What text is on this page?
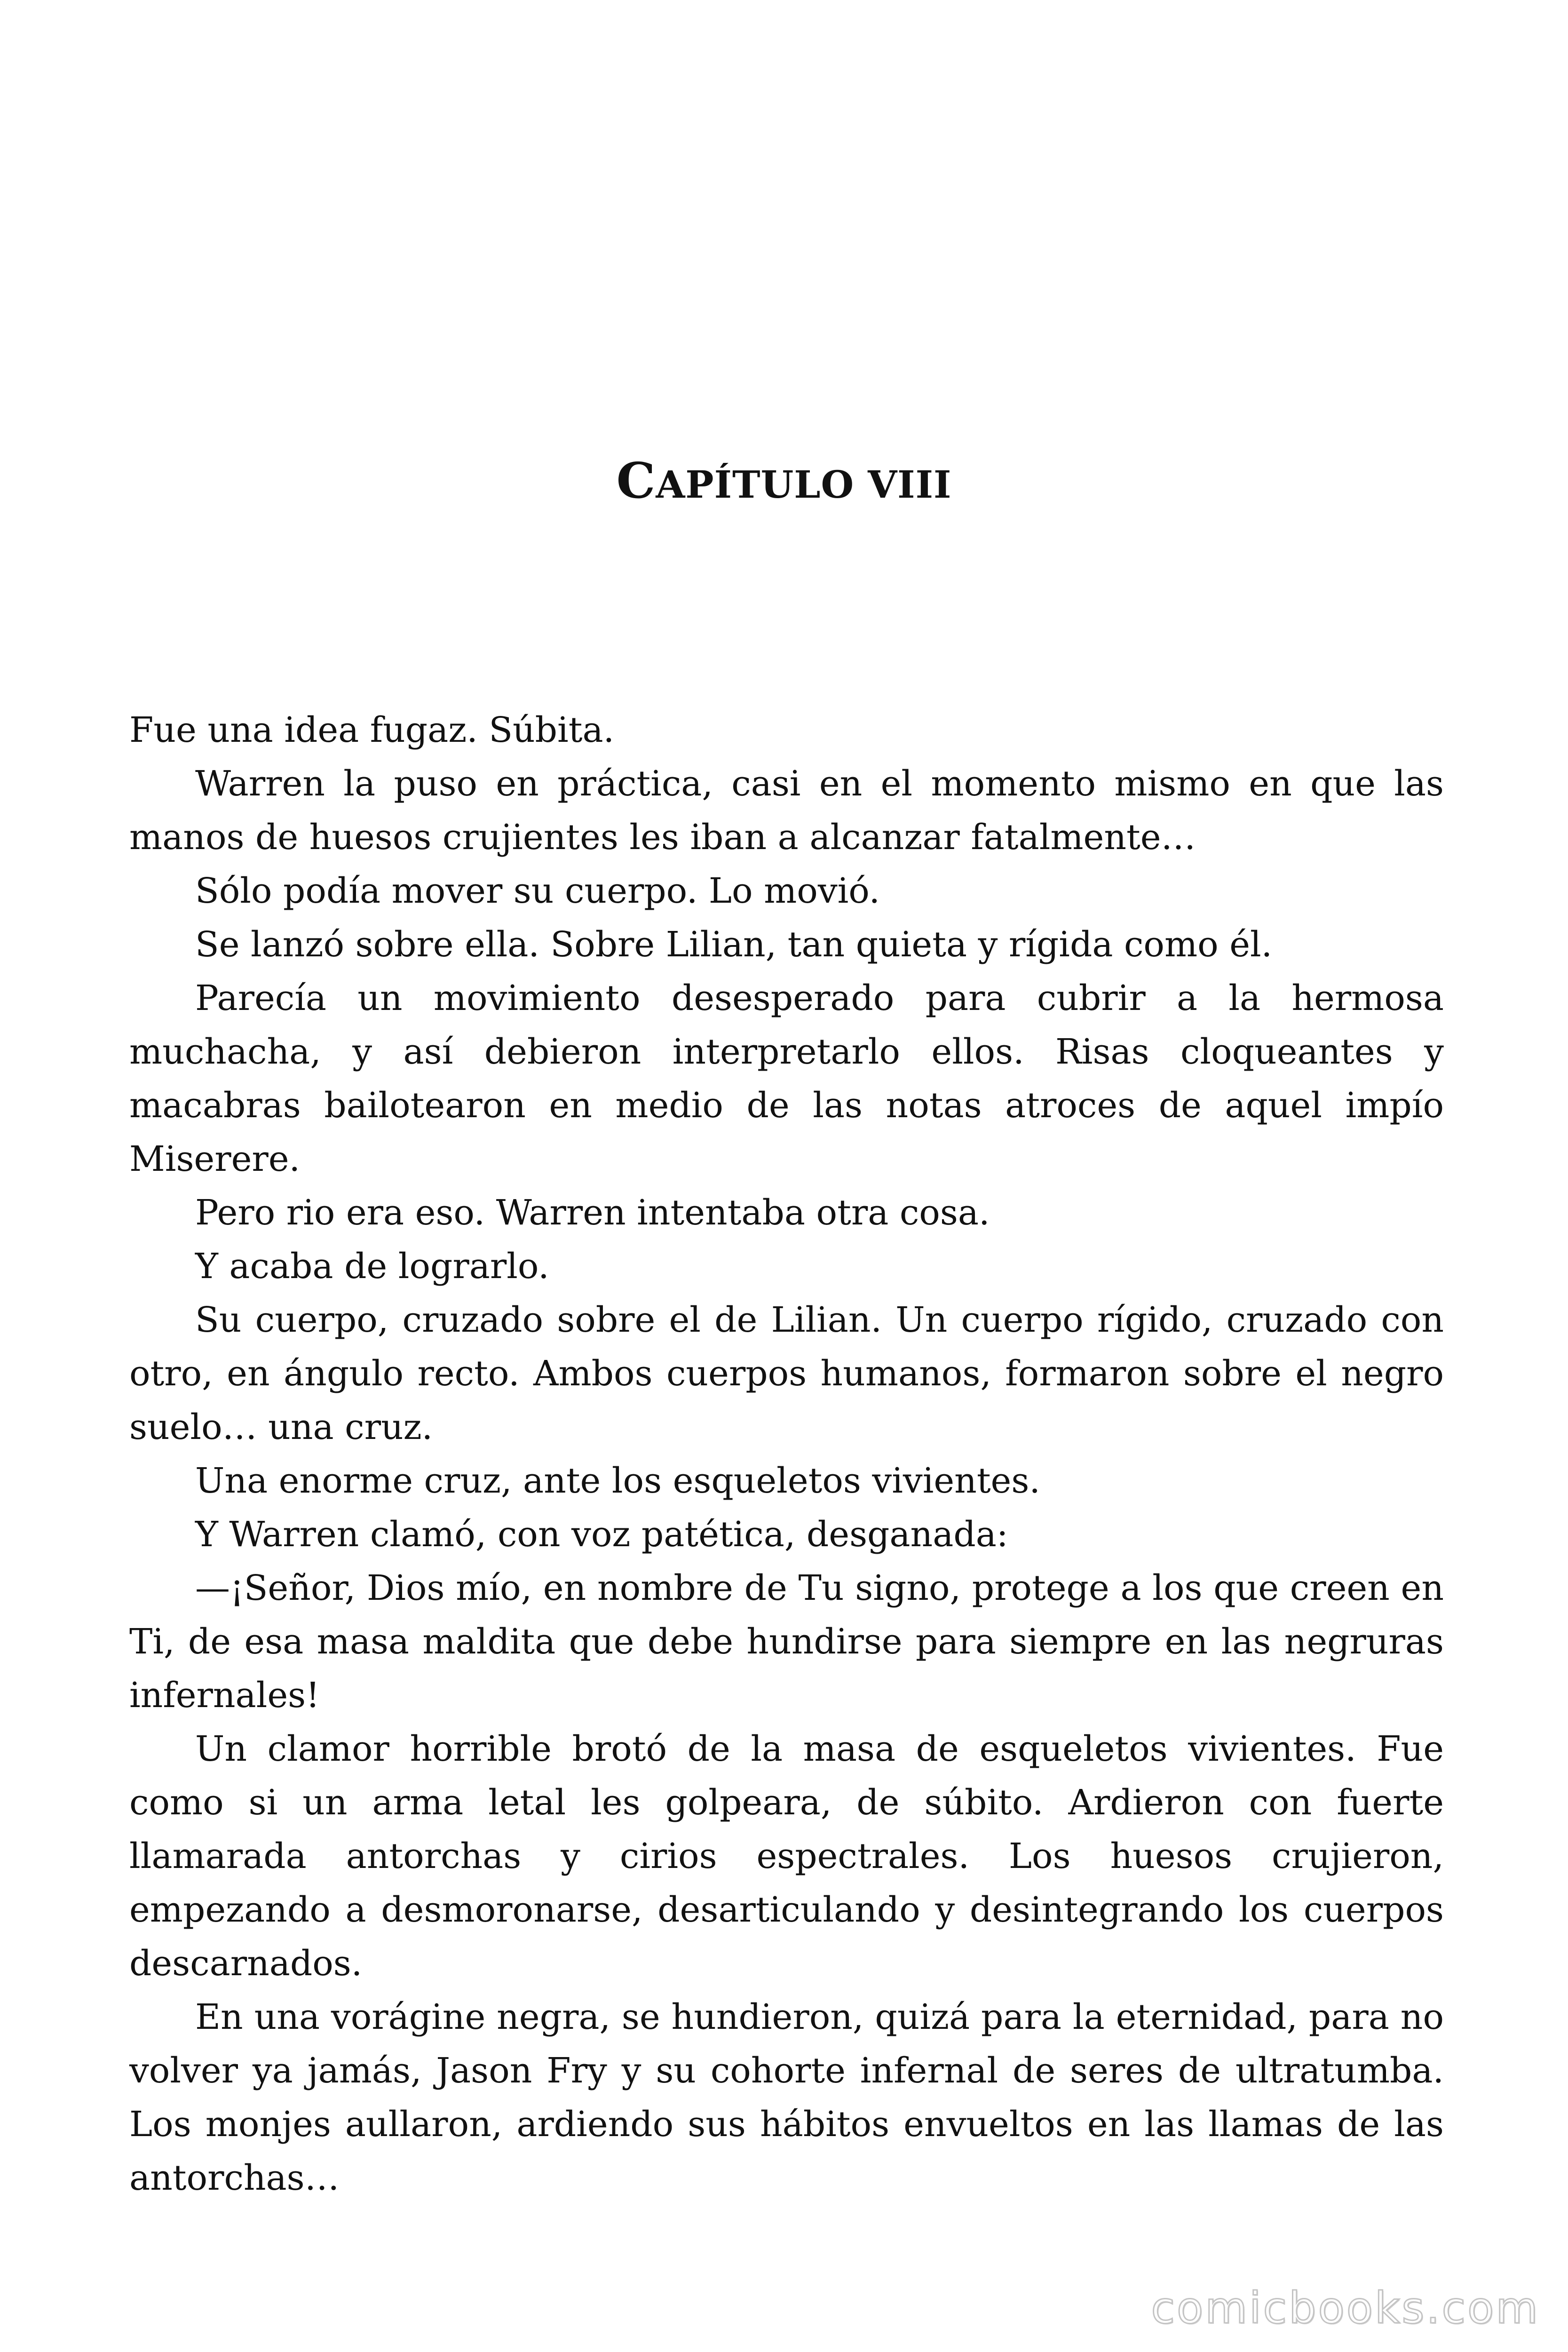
CAPÍTULO VIII

Fue una idea fugaz. Súbita.

Warren la puso en práctica, casi en el momento mismo en que las manos de huesos crujientes les iban a alcanzar fatalmente…

Sólo podía mover su cuerpo. Lo movió.

Se lanzó sobre ella. Sobre Lilian, tan quieta y rígida como él.

Parecía un movimiento desesperado para cubrir a la hermosa muchacha, y así debieron interpretarlo ellos. Risas cloqueantes y macabras bailotearon en medio de las notas atroces de aquel impío Miserere.

Pero rio era eso. Warren intentaba otra cosa.

Y acaba de lograrlo.

Su cuerpo, cruzado sobre el de Lilian. Un cuerpo rígido, cruzado con otro, en ángulo recto. Ambos cuerpos humanos, formaron sobre el negro suelo… una cruz.

Una enorme cruz, ante los esqueletos vivientes.

Y Warren clamó, con voz patética, desganada:

—¡Señor, Dios mío, en nombre de Tu signo, protege a los que creen en Ti, de esa masa maldita que debe hundirse para siempre en las negruras infernales!

Un clamor horrible brotó de la masa de esqueletos vivientes. Fue como si un arma letal les golpeara, de súbito. Ardieron con fuerte llamarada antorchas y cirios espectrales. Los huesos crujieron, empezando a desmoronarse, desarticulando y desintegrando los cuerpos descarnados.

En una vorágine negra, se hundieron, quizá para la eternidad, para no volver ya jamás, Jason Fry y su cohorte infernal de seres de ultratumba. Los monjes aullaron, ardiendo sus hábitos envueltos en las llamas de las antorchas…

comicbooks.com
